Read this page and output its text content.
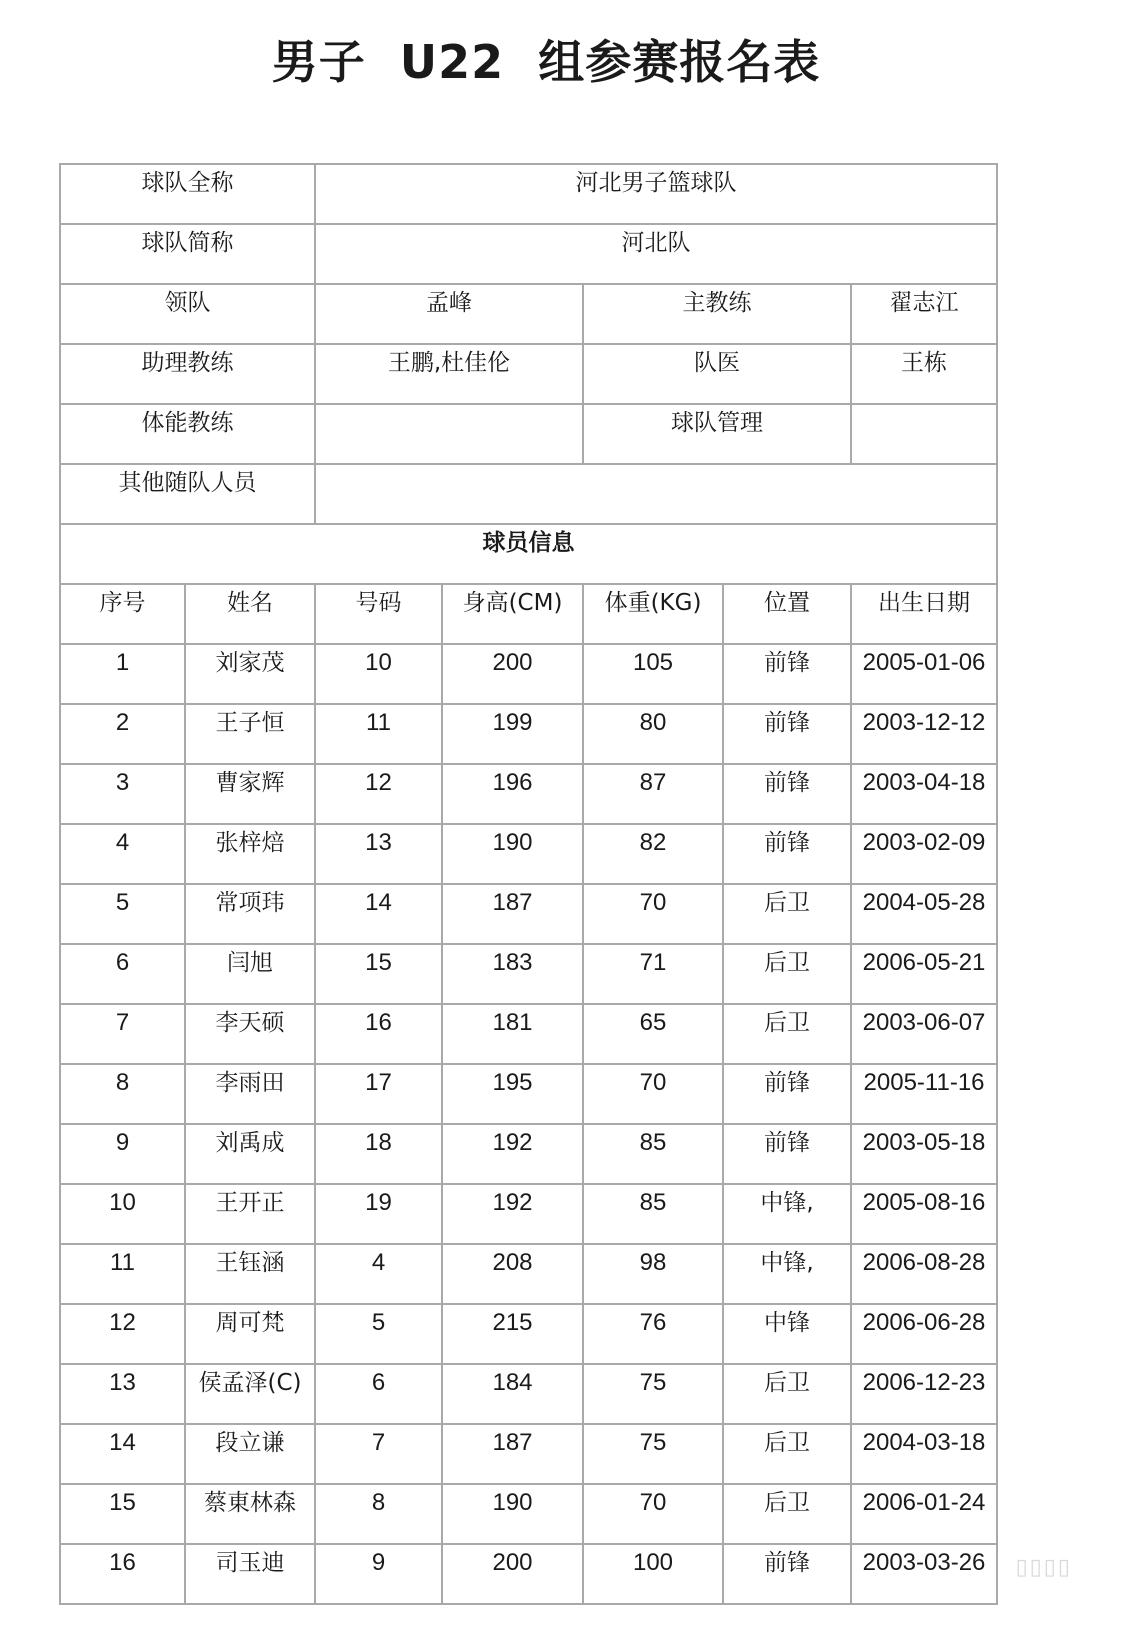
男子  U22  组参赛报名表
球队全称		河北男子篮球队				
球队简称		河北队				
领队		孟峰		主教练		翟志江
助理教练		王鹏,杜佳伦		队医		王栋
体能教练				球队管理		
其他随队人员						
球员信息						
序号	姓名	号码	身高(CM)	体重(KG)	位置	出生日期
1	刘家茂	10	200	105	前锋	2005-01-06
2	王子恒	11	199	80	前锋	2003-12-12
3	曹家辉	12	196	87	前锋	2003-04-18
4	张梓焙	13	190	82	前锋	2003-02-09
5	常项玮	14	187	70	后卫	2004-05-28
6	闫旭	15	183	71	后卫	2006-05-21
7	李天硕	16	181	65	后卫	2003-06-07
8	李雨田	17	195	70	前锋	2005-11-16
9	刘禹成	18	192	85	前锋	2003-05-18
10	王开正	19	192	85	中锋,	2005-08-16
11	王钰涵	4	208	98	中锋,	2006-08-28
12	周可梵	5	215	76	中锋	2006-06-28
13	侯孟泽(C)	6	184	75	后卫	2006-12-23
14	段立谦	7	187	75	后卫	2004-03-18
15	蔡東林森	8	190	70	后卫	2006-01-24
16	司玉迪	9	200	100	前锋	2003-03-26 ▯▯▯▯
